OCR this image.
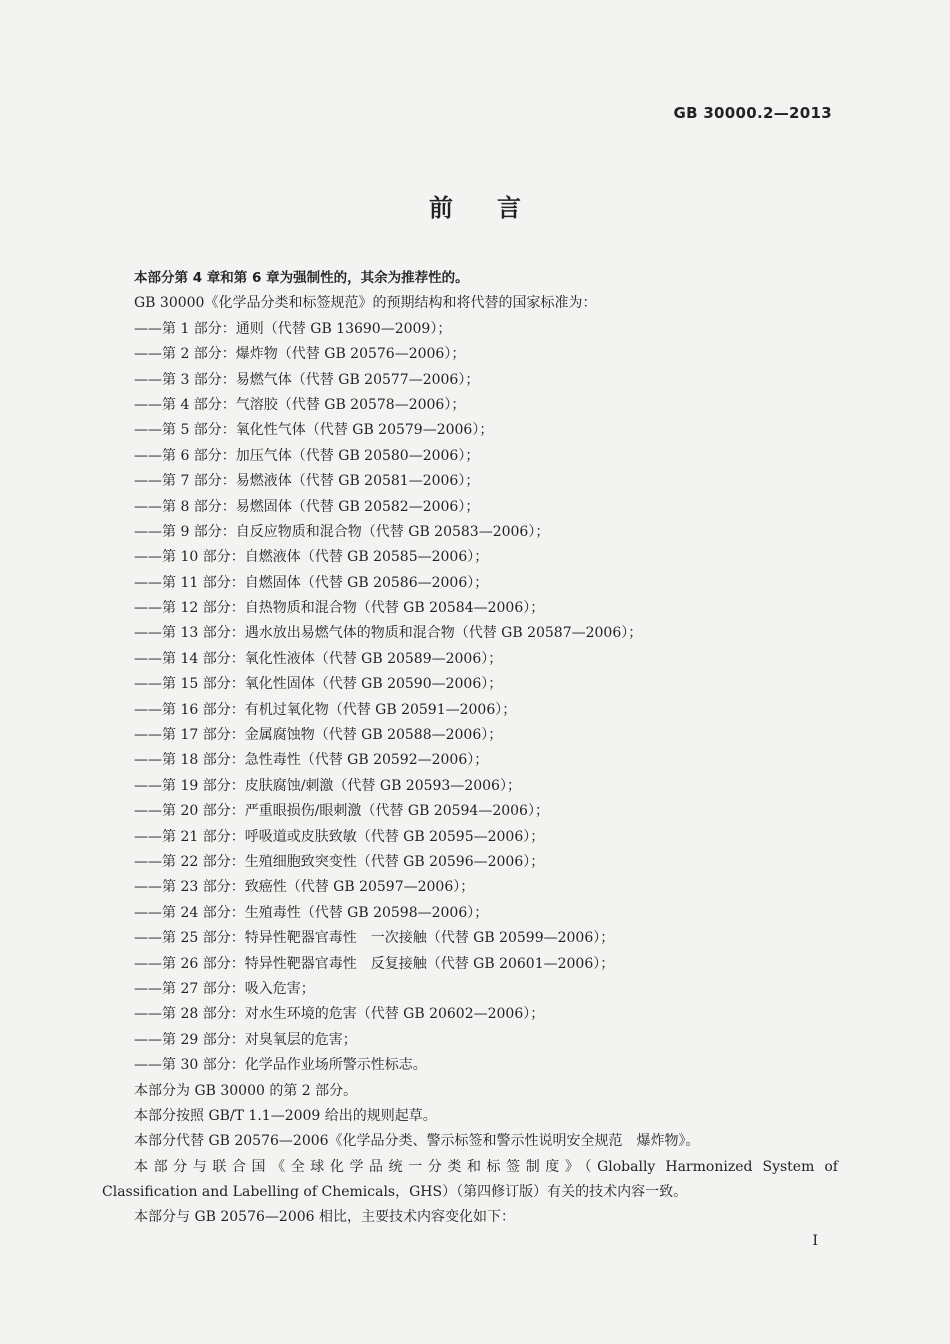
GB 30000.2—2013
前言
本部分第 4 章和第 6 章为强制性的，其余为推荐性的。
GB 30000《化学品分类和标签规范》的预期结构和将代替的国家标准为：
——第 1 部分：通则（代替 GB 13690—2009）；
——第 2 部分：爆炸物（代替 GB 20576—2006）；
——第 3 部分：易燃气体（代替 GB 20577—2006）；
——第 4 部分：气溶胶（代替 GB 20578—2006）；
——第 5 部分：氧化性气体（代替 GB 20579—2006）；
——第 6 部分：加压气体（代替 GB 20580—2006）；
——第 7 部分：易燃液体（代替 GB 20581—2006）；
——第 8 部分：易燃固体（代替 GB 20582—2006）；
——第 9 部分：自反应物质和混合物（代替 GB 20583—2006）；
——第 10 部分：自燃液体（代替 GB 20585—2006）；
——第 11 部分：自燃固体（代替 GB 20586—2006）；
——第 12 部分：自热物质和混合物（代替 GB 20584—2006）；
——第 13 部分：遇水放出易燃气体的物质和混合物（代替 GB 20587—2006）；
——第 14 部分：氧化性液体（代替 GB 20589—2006）；
——第 15 部分：氧化性固体（代替 GB 20590—2006）；
——第 16 部分：有机过氧化物（代替 GB 20591—2006）；
——第 17 部分：金属腐蚀物（代替 GB 20588—2006）；
——第 18 部分：急性毒性（代替 GB 20592—2006）；
——第 19 部分：皮肤腐蚀/刺激（代替 GB 20593—2006）；
——第 20 部分：严重眼损伤/眼刺激（代替 GB 20594—2006）；
——第 21 部分：呼吸道或皮肤致敏（代替 GB 20595—2006）；
——第 22 部分：生殖细胞致突变性（代替 GB 20596—2006）；
——第 23 部分：致癌性（代替 GB 20597—2006）；
——第 24 部分：生殖毒性（代替 GB 20598—2006）；
——第 25 部分：特异性靶器官毒性　一次接触（代替 GB 20599—2006）；
——第 26 部分：特异性靶器官毒性　反复接触（代替 GB 20601—2006）；
——第 27 部分：吸入危害；
——第 28 部分：对水生环境的危害（代替 GB 20602—2006）；
——第 29 部分：对臭氧层的危害；
——第 30 部分：化学品作业场所警示性标志。
本部分为 GB 30000 的第 2 部分。
本部分按照 GB/T 1.1—2009 给出的规则起草。
本部分代替 GB 20576—2006《化学品分类、警示标签和警示性说明安全规范　爆炸物》。
本部分与联合国《全球化学品统一分类和标签制度》（Globally Harmonized System of
Classification and Labelling of Chemicals，GHS）（第四修订版）有关的技术内容一致。
本部分与 GB 20576—2006 相比，主要技术内容变化如下：
I
